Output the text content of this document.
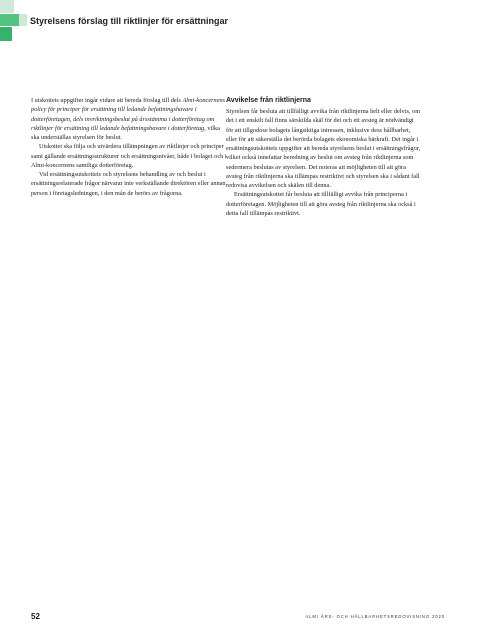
Styrelsens förslag till riktlinjer för ersättningar

I utskottets uppgifter ingår vidare att bereda förslag till dels Almi-koncernens policy för principer för ersättning till ledande befattningshavare i dotterföretagen, dels invriktningsbeslut på årsstämma i dotterföretag om riktlinjer för ersättning till ledande befattningshavare i dotterföretag, vilka ska underställas styrelsen för beslut.

Utskottet ska följa och utvärdera tillämpningen av riktlinjer och principer samt gällande ersättningsstrukturer och ersättningsnivåer, både i bolaget och i Almi-koncernens samtliga dotterföretag.

Vid ersättningsutskottets och styrelsens behandling av och beslut i ersättningsrelaterade frågor närvarar inte verkställande direktören eller annan person i företagsledningen, i den mån de berörs av frågorna.

Avvikelse från riktlinjerna

Styrelsen får besluta att tillfälligt avvika från riktlinjerna helt eller delvis, om det i ett enskilt fall finns särskilda skäl för det och ett avsteg är nödvändigt för att tillgodose bolagets långsiktiga intressen, inklusive dess hållbarhet, eller för att säkerställa det berörda bolagets ekonomiska bärkraft. Det ingår i ersättningsutskottets uppgifter att bereda styrelsens beslut i ersättningsfrågor, vilket också innefattar beredning av beslut om avsteg från riktlinjerna som sedermera beslutas av styrelsen. Det noteras att möjligheten till att göra avsteg från riktlinjerna ska tillämpas restriktivt och styrelsen ska i sådant fall redovisa avvikelsen och skälen till denna.

Ersättningsutskottet får besluta att tillfälligt avvika från principerna i dotterföretagen. Möjligheten till att göra avsteg från riktlinjerna ska också i detta fall tillämpas restriktivt.

52	ALMI ÅRS- OCH HÅLLBARHETSREDOVISNING 2020
